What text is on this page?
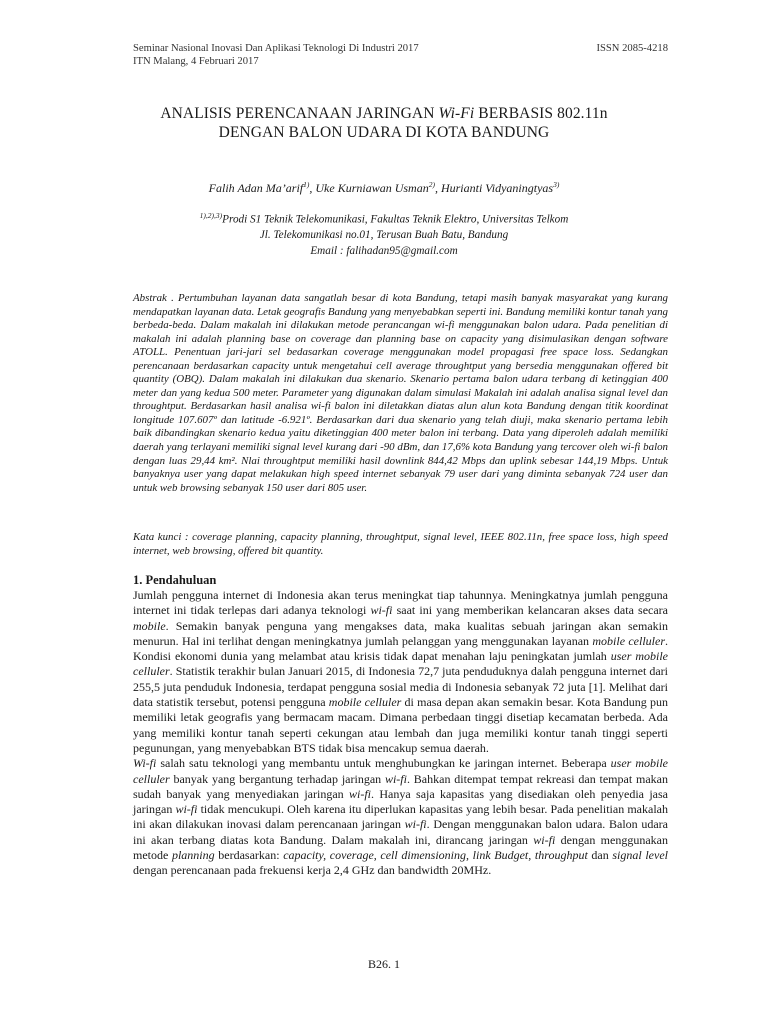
Seminar Nasional Inovasi Dan Aplikasi Teknologi Di Industri 2017
ITN Malang, 4 Februari 2017
ISSN 2085-4218
ANALISIS PERENCANAAN JARINGAN Wi-Fi BERBASIS 802.11n
DENGAN BALON UDARA DI KOTA BANDUNG
Falih Adan Ma’arif$^{1)}$, Uke Kurniawan Usman$^{2)}$, Hurianti Vidyaningtyas$^{3)}$
$^{1),2),3)}$Prodi S1 Teknik Telekomunikasi, Fakultas Teknik Elektro, Universitas Telkom
Jl. Telekomunikasi no.01, Terusan Buah Batu, Bandung
Email : falihadan95@gmail.com
Abstrak . Pertumbuhan layanan data sangatlah besar di kota Bandung, tetapi masih banyak masyarakat yang kurang mendapatkan layanan data. Letak geografis Bandung yang menyebabkan seperti ini. Bandung memiliki kontur tanah yang berbeda-beda. Dalam makalah ini dilakukan metode perancangan wi-fi menggunakan balon udara. Pada penelitian di makalah ini adalah planning base on coverage dan planning base on capacity yang disimulasikan dengan software ATOLL. Penentuan jari-jari sel bedasarkan coverage menggunakan model propagasi free space loss. Sedangkan perencanaan berdasarkan capacity untuk mengetahui cell average throughtput yang bersedia menggunakan offered bit quantity (OBQ). Dalam makalah ini dilakukan dua skenario. Skenario pertama balon udara terbang di ketinggian 400 meter dan yang kedua 500 meter. Parameter yang digunakan dalam simulasi Makalah ini adalah analisa signal level dan throughtput. Berdasarkan hasil analisa wi-fi balon ini diletakkan diatas alun alun kota Bandung dengan titik koordinat longitude 107.607º dan latitude -6.921º. Berdasarkan dari dua skenario yang telah diuji, maka skenario pertama lebih baik dibandingkan skenario kedua yaitu diketinggian 400 meter balon ini terbang. Data yang diperoleh adalah memiliki daerah yang terlayani memiliki signal level kurang dari -90 dBm, dan 17,6% kota Bandung yang tercover oleh wi-fi balon dengan luas 29,44 km². Nlai throughtput memiliki hasil downlink 844,42 Mbps dan uplink sebesar 144,19 Mbps. Untuk banyaknya user yang dapat melakukan high speed internet sebanyak 79 user dari yang diminta sebanyak 724 user dan untuk web browsing sebanyak 150 user dari 805 user.
Kata kunci : coverage planning, capacity planning, throughtput, signal level, IEEE 802.11n, free space loss, high speed internet, web browsing, offered bit quantity.
1. Pendahuluan

Jumlah pengguna internet di Indonesia akan terus meningkat tiap tahunnya. Meningkatnya jumlah pengguna internet ini tidak terlepas dari adanya teknologi wi-fi saat ini yang memberikan kelancaran akses data secara mobile. Semakin banyak penguna yang mengakses data, maka kualitas sebuah jaringan akan semakin menurun. Hal ini terlihat dengan meningkatnya jumlah pelanggan yang menggunakan layanan mobile celluler. Kondisi ekonomi dunia yang melambat atau krisis tidak dapat menahan laju peningkatan jumlah user mobile celluler. Statistik terakhir bulan Januari 2015, di Indonesia 72,7 juta penduduknya dalah pengguna internet dari 255,5 juta penduduk Indonesia, terdapat pengguna sosial media di Indonesia sebanyak 72 juta [1]. Melihat dari data statistik tersebut, potensi pengguna mobile celluler di masa depan akan semakin besar. Kota Bandung pun memiliki letak geografis yang bermacam macam. Dimana perbedaan tinggi disetiap kecamatan berbeda. Ada yang memiliki kontur tanah seperti cekungan atau lembah dan juga memiliki kontur tanah tinggi seperti pegunungan, yang menyebabkan BTS tidak bisa mencakup semua daerah.

Wi-fi salah satu teknologi yang membantu untuk menghubungkan ke jaringan internet. Beberapa user mobile celluler banyak yang bergantung terhadap jaringan wi-fi. Bahkan ditempat tempat rekreasi dan tempat makan sudah banyak yang menyediakan jaringan wi-fi. Hanya saja kapasitas yang disediakan oleh penyedia jasa jaringan wi-fi tidak mencukupi. Oleh karena itu diperlukan kapasitas yang lebih besar. Pada penelitian makalah ini akan dilakukan inovasi dalam perencanaan jaringan wi-fi. Dengan menggunakan balon udara. Balon udara ini akan terbang diatas kota Bandung. Dalam makalah ini, dirancang jaringan wi-fi dengan menggunakan metode planning berdasarkan: capacity, coverage, cell dimensioning, link Budget, throughput dan signal level dengan perencanaan pada frekuensi kerja 2,4 GHz dan bandwidth 20MHz.

B26. 1
